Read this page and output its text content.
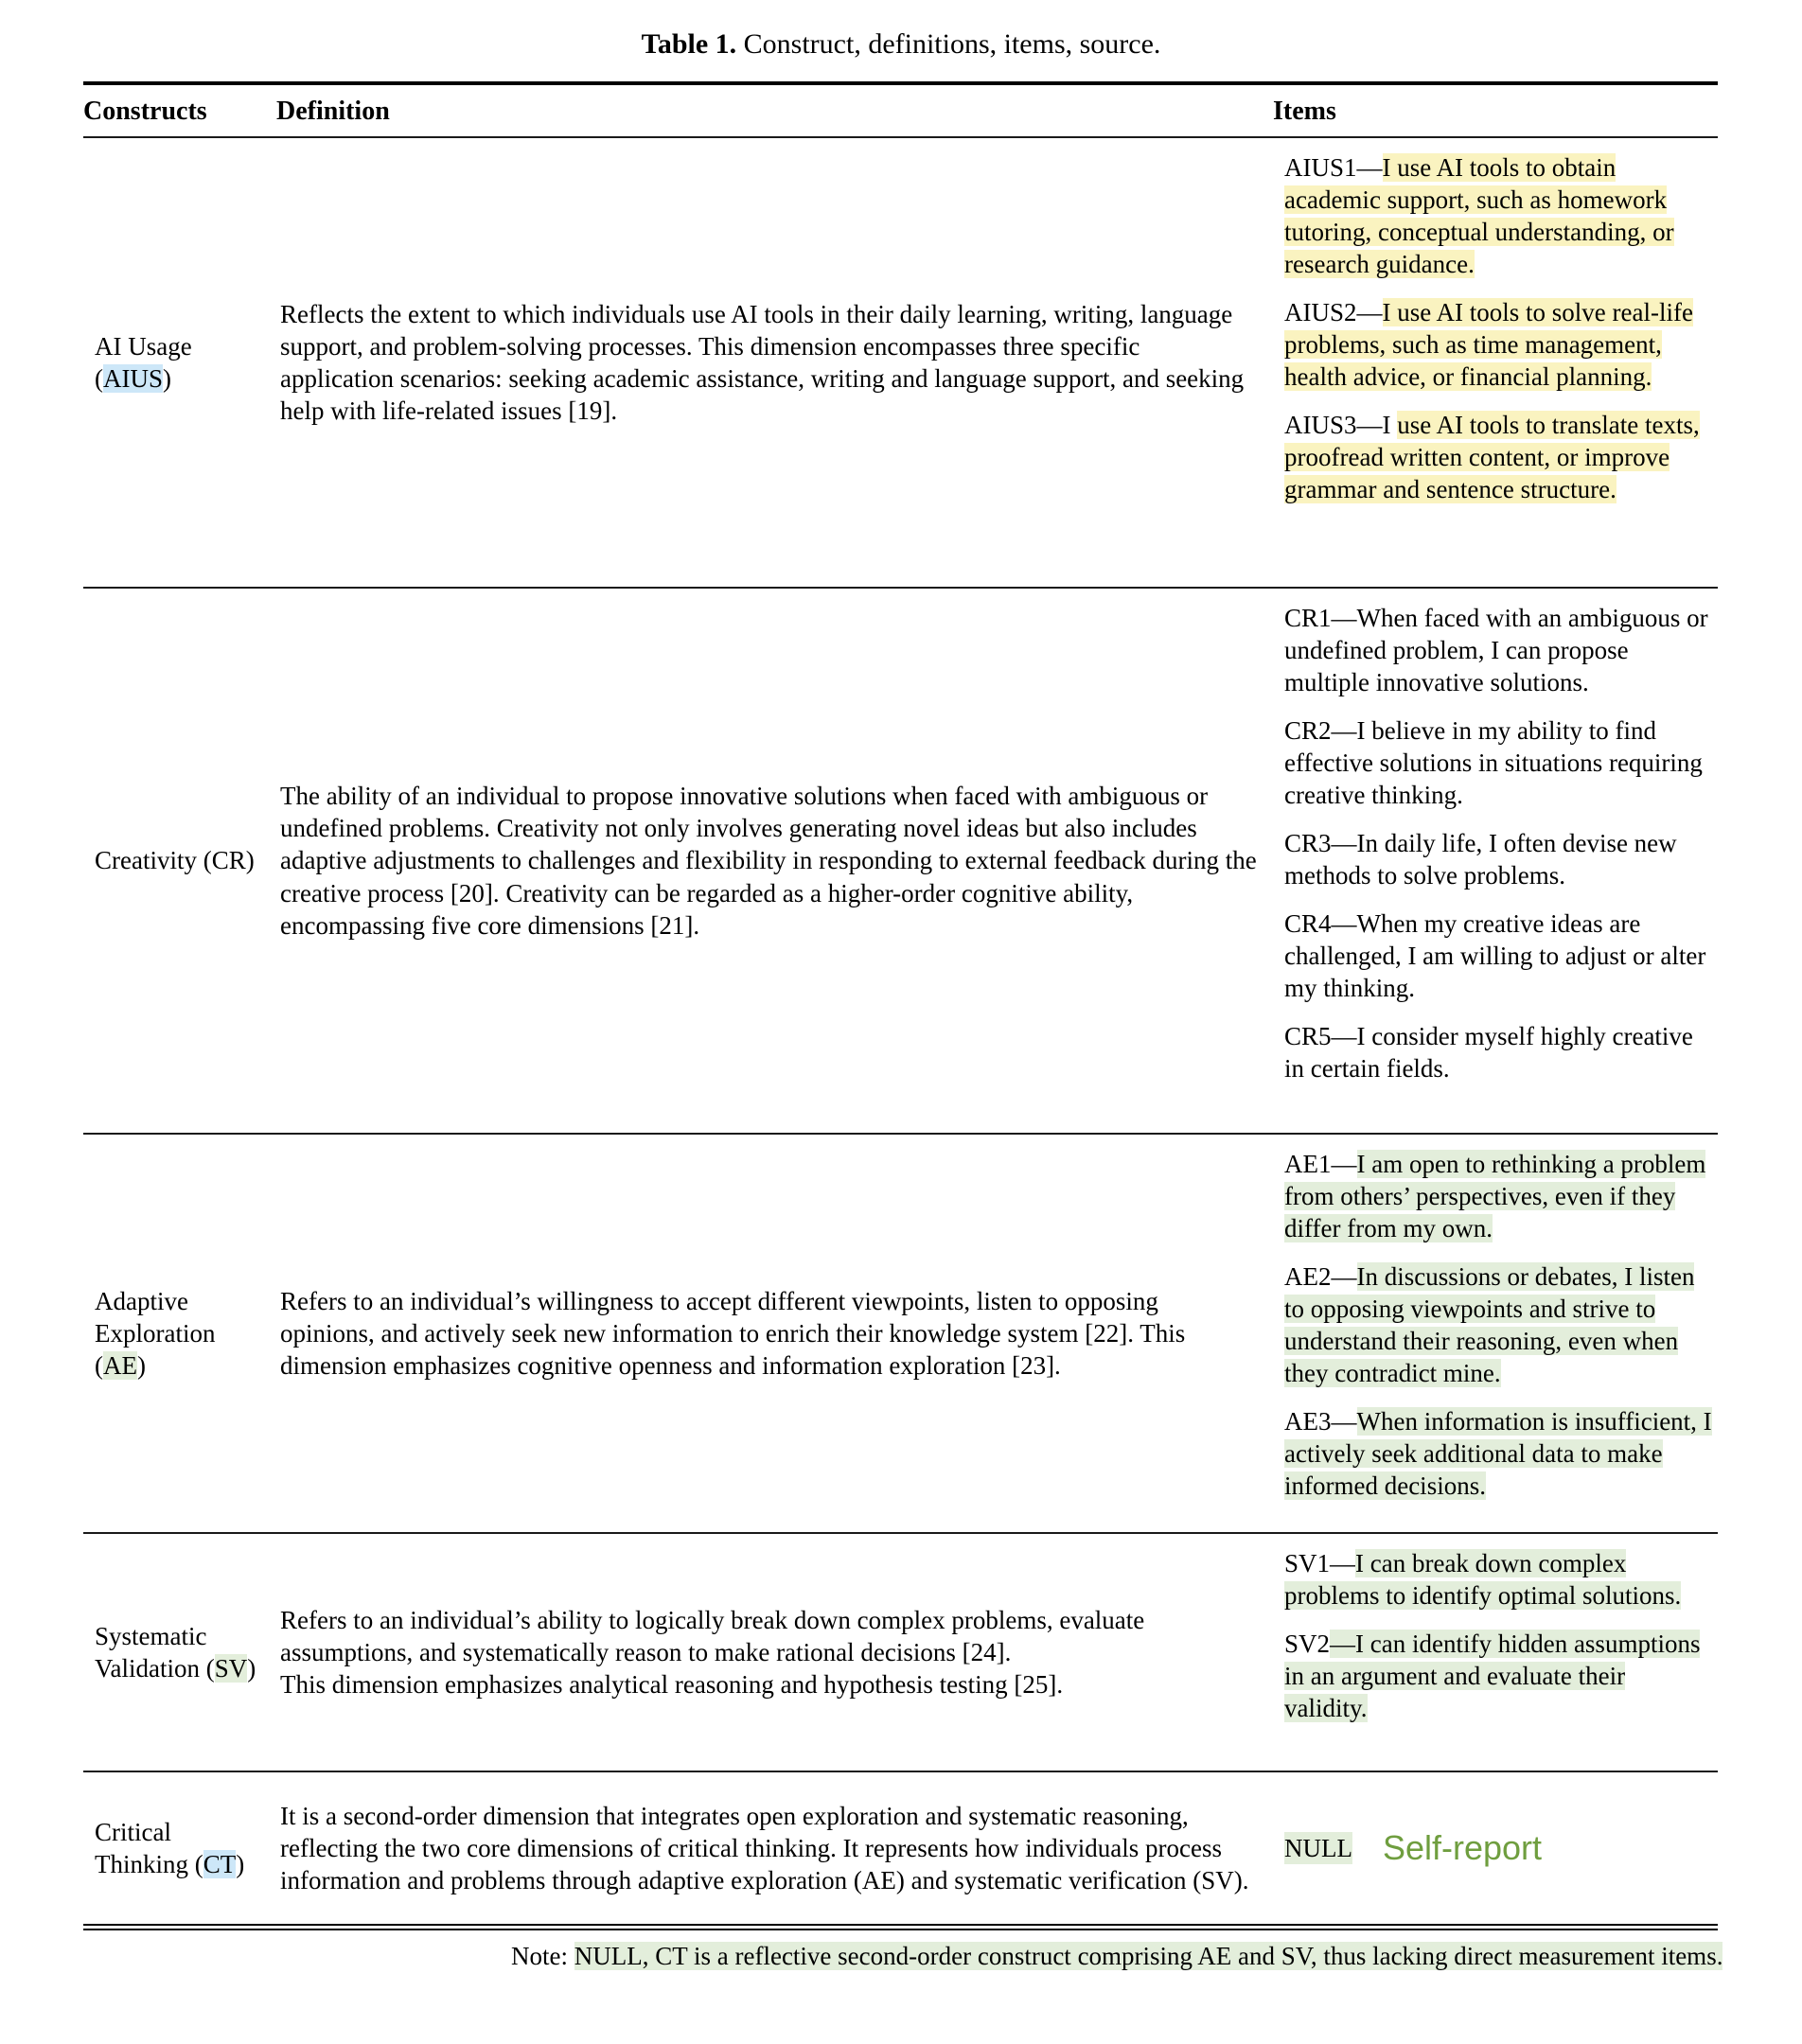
Table 1. Construct, definitions, items, source.
Constructs	Definition	Items
AI Usage (AIUS)
Reflects the extent to which individuals use AI tools in their daily learning, writing, language support, and problem-solving processes. This dimension encompasses three specific application scenarios: seeking academic assistance, writing and language support, and seeking help with life-related issues [19].

AIUS1—I use AI tools to obtain academic support, such as homework tutoring, conceptual understanding, or research guidance.

AIUS2—I use AI tools to solve real-life problems, such as time management, health advice, or financial planning.

AIUS3—I use AI tools to translate texts, proofread written content, or improve grammar and sentence structure.

Creativity (CR)
The ability of an individual to propose innovative solutions when faced with ambiguous or undefined problems. Creativity not only involves generating novel ideas but also includes adaptive adjustments to challenges and flexibility in responding to external feedback during the creative process [20]. Creativity can be regarded as a higher-order cognitive ability, encompassing five core dimensions [21].

CR1—When faced with an ambiguous or undefined problem, I can propose multiple innovative solutions.

CR2—I believe in my ability to find effective solutions in situations requiring creative thinking.

CR3—In daily life, I often devise new methods to solve problems.

CR4—When my creative ideas are challenged, I am willing to adjust or alter my thinking.

CR5—I consider myself highly creative in certain fields.

Adaptive Exploration (AE)
Refers to an individual’s willingness to accept different viewpoints, listen to opposing opinions, and actively seek new information to enrich their knowledge system [22]. This dimension emphasizes cognitive openness and information exploration [23].

AE1—I am open to rethinking a problem from others’ perspectives, even if they differ from my own.

AE2—In discussions or debates, I listen to opposing viewpoints and strive to understand their reasoning, even when they contradict mine.

AE3—When information is insufficient, I actively seek additional data to make informed decisions.

Systematic Validation (SV)
Refers to an individual’s ability to logically break down complex problems, evaluate assumptions, and systematically reason to make rational decisions [24].
This dimension emphasizes analytical reasoning and hypothesis testing [25].

SV1—I can break down complex problems to identify optimal solutions.

SV2—I can identify hidden assumptions in an argument and evaluate their validity.

Critical Thinking (CT)
It is a second-order dimension that integrates open exploration and systematic reasoning, reflecting the two core dimensions of critical thinking. It represents how individuals process information and problems through adaptive exploration (AE) and systematic verification (SV).
NULL Self-report
Note: NULL, CT is a reflective second-order construct comprising AE and SV, thus lacking direct measurement items.
